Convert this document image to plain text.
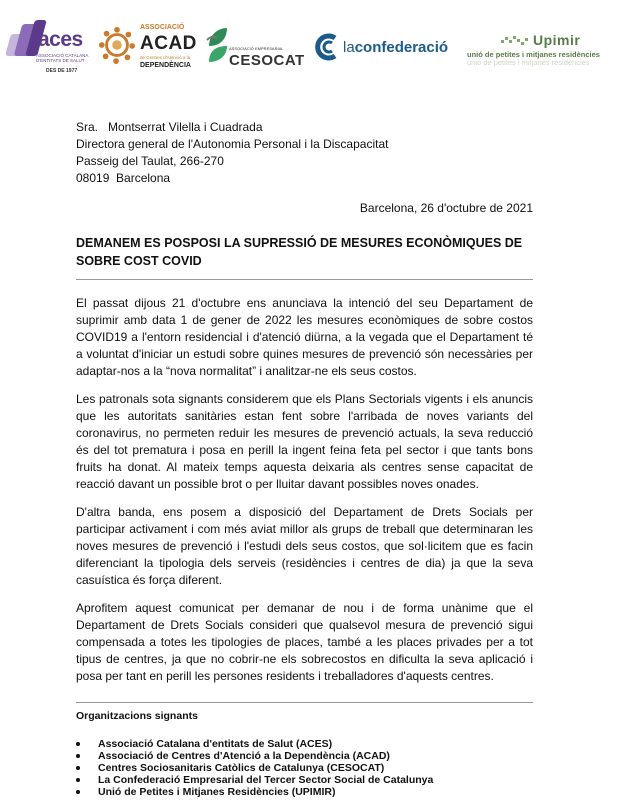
aces
ASSOCIACIÓ CATALANA D'ENTITATS DE SALUT
DES DE 1977
ASSOCIACIÓ
ACAD
de Centres d'Atenció a la
DEPENDÈNCIA
ASSOCIACIÓ EMPRESARIAL
CESOCAT
laconfederació	Upimir
unió de petites i mitjanes residències
unió de petites i mitjanes residències

Sra. Montserrat Vilella i Cuadrada

Directora general de l'Autonomia Personal i la Discapacitat

Passeig del Taulat, 266-270

08019 Barcelona

Barcelona, 26 d'octubre de 2021
DEMANEM ES POSPOSI LA SUPRESSIÓ DE MESURES ECONÒMIQUES DE SOBRE COST COVID

El passat dijous 21 d'octubre ens anunciava la intenció del seu Departament de suprimir amb data 1 de gener de 2022 les mesures econòmiques de sobre costos COVID19 a l'entorn residencial i d'atenció diürna, a la vegada que el Departament té a voluntat d'iniciar un estudi sobre quines mesures de prevenció són necessàries per adaptar-nos a la “nova normalitat” i analitzar-ne els seus costos.

Les patronals sota signants considerem que els Plans Sectorials vigents i els anuncis que les autoritats sanitàries estan fent sobre l'arribada de noves variants del coronavirus, no permeten reduir les mesures de prevenció actuals, la seva reducció és del tot prematura i posa en perill la ingent feina feta pel sector i que tants bons fruits ha donat. Al mateix temps aquesta deixaria als centres sense capacitat de reacció davant un possible brot o per lluitar davant possibles noves onades.

D'altra banda, ens posem a disposició del Departament de Drets Socials per participar activament i com més aviat millor als grups de treball que determinaran les noves mesures de prevenció i l'estudi dels seus costos, que sol·licitem que es facin diferenciant la tipologia dels serveis (residències i centres de dia) ja que la seva casuística és força diferent.

Aprofitem aquest comunicat per demanar de nou i de forma unànime que el Departament de Drets Socials consideri que qualsevol mesura de prevenció sigui compensada a totes les tipologies de places, també a les places privades per a tot tipus de centres, ja que no cobrir-ne els sobrecostos en dificulta la seva aplicació i posa per tant en perill les persones residents i treballadores d'aquests centres.

Organitzacions signants
Associació Catalana d'entitats de Salut (ACES)
Associació de Centres d'Atenció a la Dependència (ACAD)
Centres Sociosanitaris Catòlics de Catalunya (CESOCAT)
La Confederació Empresarial del Tercer Sector Social de Catalunya
Unió de Petites i Mitjanes Residències (UPIMIR)
